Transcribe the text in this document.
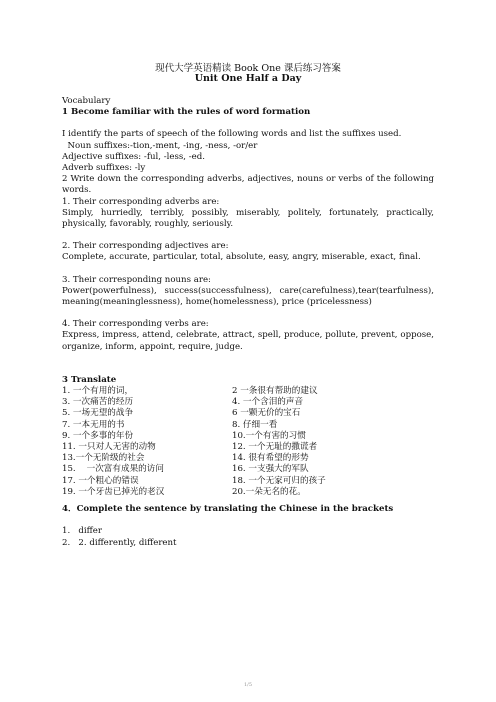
现代大学英语精读 Book One 课后练习答案
Unit One Half a Day
Vocabulary
1 Become familiar with the rules of word formation
I identify the parts of speech of the following words and list the suffixes used.
Noun suffixes:-tion,-ment, -ing, -ness, -or/er
Adjective suffixes: -ful, -less, -ed.
Adverb suffixes: -ly
2 Write down the corresponding adverbs, adjectives, nouns or verbs of the following words.
1. Their corresponding adverbs are:
Simply, hurriedly, terribly, possibly, miserably, politely, fortunately, practically, physically, favorably, roughly, seriously.
2. Their corresponding adjectives are:
Complete, accurate, particular, total, absolute, easy, angry, miserable, exact, final.
3. Their corresponding nouns are:
Power(powerfulness), success(successfulness), care(carefulness),tear(tearfulness), meaning(meaninglessness), home(homelessness), price (pricelessness)
4. Their corresponding verbs are:
Express, impress, attend, celebrate, attract, spell, produce, pollute, prevent, oppose, organize, inform, appoint, require, judge.
3 Translate
1. 一个有用的词，	2 一条很有帮助的建议
3. 一次痛苦的经历	4. 一个含泪的声音
5. 一场无望的战争	6 一颗无价的宝石
7. 一本无用的书	8. 仔细一看
9. 一个多事的年份	10.一个有害的习惯
11. 一只对人无害的动物	12. 一个无耻的撒谎者
13.一个无阶级的社会	14. 很有希望的形势
15.    一次富有成果的访问	16. 一支强大的军队
17. 一个粗心的错误	18. 一个无家可归的孩子
19. 一个牙齿已掉光的老汉	20.一朵无名的花。
4．Complete the sentence by translating the Chinese in the brackets
1.   differ
2.   2. differently, different
1/5
